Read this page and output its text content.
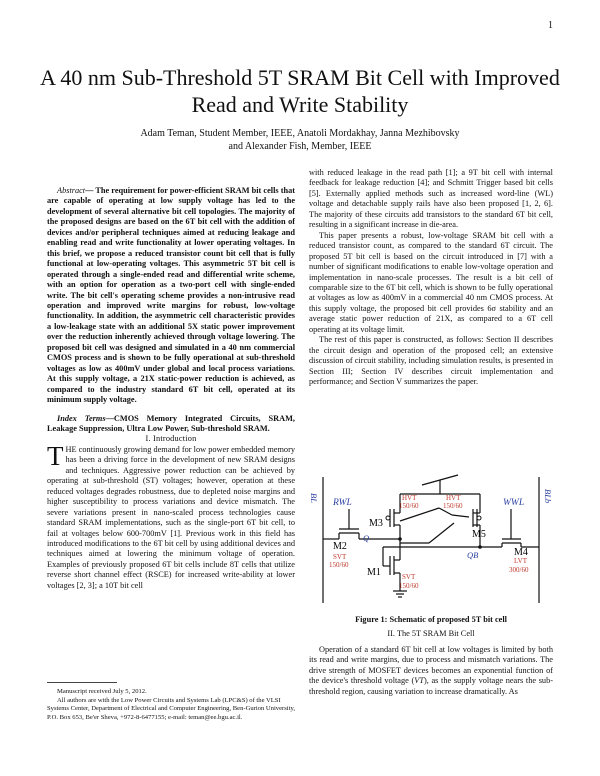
1
A 40 nm Sub-Threshold 5T SRAM Bit Cell with Improved Read and Write Stability
Adam Teman, Student Member, IEEE, Anatoli Mordakhay, Janna Mezhibovsky
and Alexander Fish, Member, IEEE

Abstract— The requirement for power-efficient SRAM bit cells that are capable of operating at low supply voltage has led to the development of several alternative bit cell topologies. The majority of the proposed designs are based on the 6T bit cell with the addition of devices and/or peripheral techniques aimed at reducing leakage and enabling read and write functionality at lower operating voltages. In this brief, we propose a reduced transistor count bit cell that is fully functional at low-operating voltages. This asymmetric 5T bit cell is operated through a single-ended read and differential write scheme, with an option for operation as a two-port cell with single-ended write. The bit cell's operating scheme provides a non-intrusive read operation and improved write margins for robust, low-voltage functionality. In addition, the asymmetric cell characteristic provides a low-leakage state with an additional 5X static power improvement over the reduction inherently achieved through voltage lowering. The proposed bit cell was designed and simulated in a 40 nm commercial CMOS process and is shown to be fully operational at sub-threshold voltages as low as 400mV under global and local process variations. At this supply voltage, a 21X static-power reduction is achieved, as compared to the industry standard 6T bit cell, operated at its minimum supply voltage.

Index Terms—CMOS Memory Integrated Circuits, SRAM, Leakage Suppression, Ultra Low Power, Sub-threshold SRAM.

I. Introduction

THE continuously growing demand for low power embedded memory has been a driving force in the development of new SRAM designs and techniques. Aggressive power reduction can be achieved by operating at sub-threshold (ST) voltages; however, operation at these reduced voltages degrades robustness, due to depleted noise margins and higher susceptibility to process variations and device mismatch. The severe variations present in nano-scaled process technologies cause standard SRAM implementations, such as the single-port 6T bit cell, to fail at voltages below 600-700mV [1]. Previous work in this field has introduced modifications to the 6T bit cell by using additional devices and techniques aimed at lowering the minimum voltage of operation. Examples of previously proposed 6T bit cells include 8T cells that utilize reverse short channel effect (RSCE) for increased write-ability at lower voltages [2, 3]; a 10T bit cell

Manuscript received July 5, 2012.

All authors are with the Low Power Circuits and Systems Lab (LPC&S) of the VLSI Systems Center, Department of Electrical and Computer Engineering, Ben-Gurion University, P.O. Box 653, Be'er Sheva, +972-8-6477155; e-mail: teman@ee.bgu.ac.il.

with reduced leakage in the read path [1]; a 9T bit cell with internal feedback for leakage reduction [4]; and Schmitt Trigger based bit cells [5]. Externally applied methods such as increased word-line (WL) voltage and detachable supply rails have also been proposed [1, 2, 6]. The majority of these circuits add transistors to the standard 6T bit cell, resulting in a significant increase in die-area.

This paper presents a robust, low-voltage SRAM bit cell with a reduced transistor count, as compared to the standard 6T circuit. The proposed 5T bit cell is based on the circuit introduced in [7] with a number of significant modifications to enable low-voltage operation and implementation in nano-scale processes. The result is a bit cell of comparable size to the 6T bit cell, which is shown to be fully operational at voltages as low as 400mV in a commercial 40 nm CMOS process. At this supply voltage, the proposed bit cell provides 6σ stability and an average static power reduction of 21X, as compared to a 6T cell operating at its voltage limit.

The rest of this paper is constructed, as follows: Section II describes the circuit design and operation of the proposed cell; an extensive discussion of circuit stability, including simulation results, is presented in Section III; Section IV describes circuit implementation and performance; and Section V summarizes the paper.

BL	BLb
RWL	WWL
M3
M5
M2
M1
M4
Q
QB
HVT
150/60
HVT
150/60
SVT
150/60
SVT
150/60
LVT
300/60
Figure 1: Schematic of proposed 5T bit cell
II. The 5T SRAM Bit Cell

Operation of a standard 6T bit cell at low voltages is limited by both its read and write margins, due to process and mismatch variations. The drive strength of MOSFET devices becomes an exponential function of the device's threshold voltage (VT), as the supply voltage nears the sub-threshold region, causing variation to increase dramatically. As
